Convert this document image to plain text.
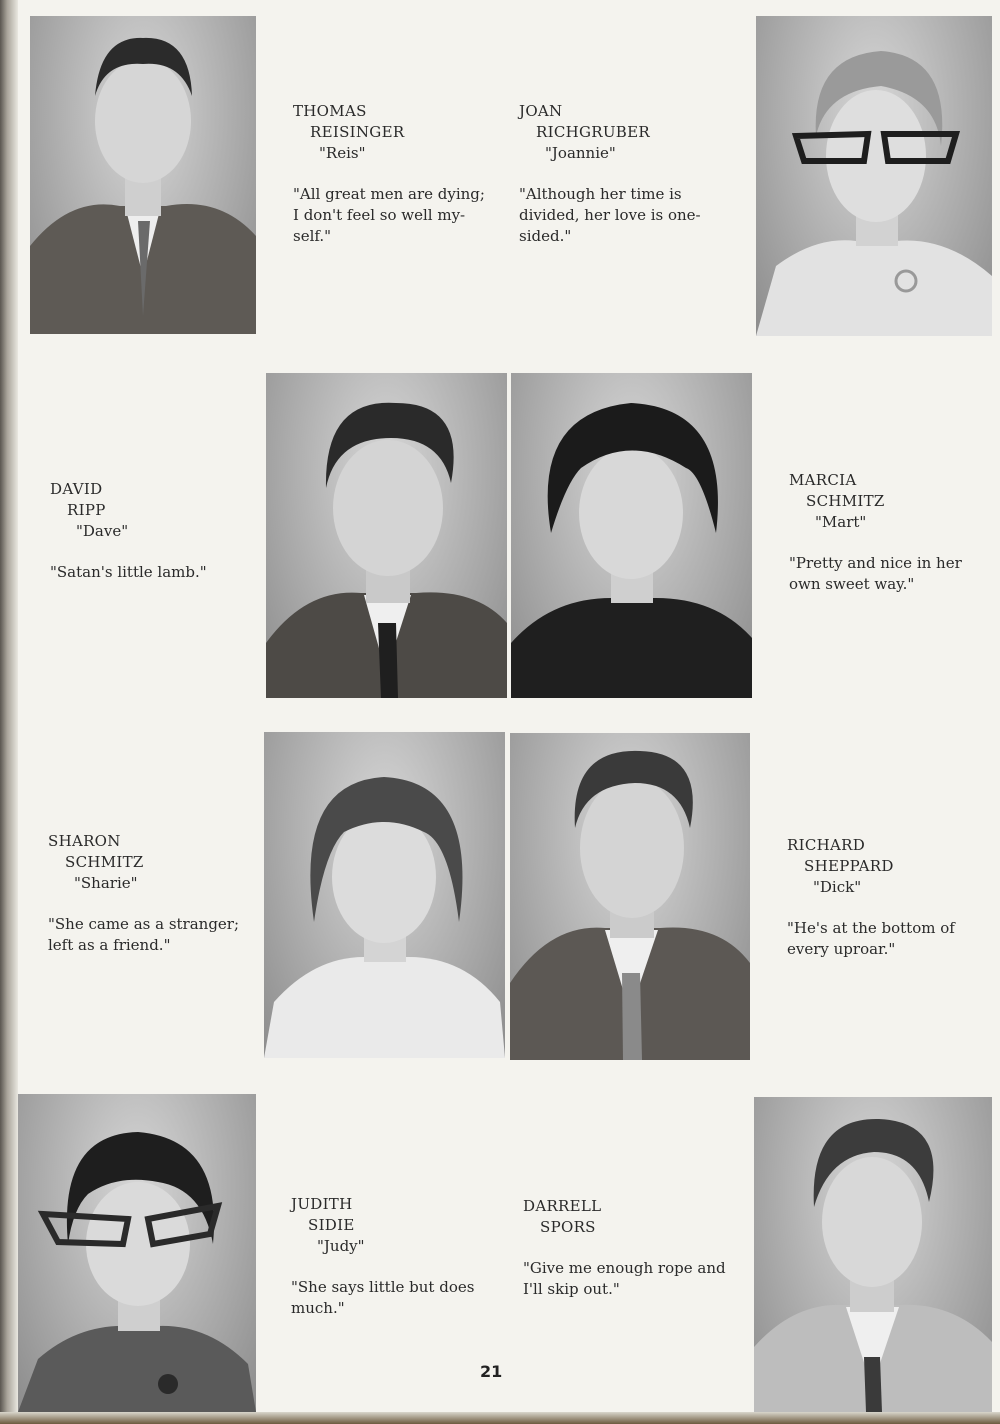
THOMAS
REISINGER
"Reis"
"All great men are dying;
I don't feel so well my-
self."
JOAN
RICHGRUBER
"Joannie"
"Although her time is
divided, her love is one-
sided."
DAVID
RIPP
"Dave"
"Satan's little lamb."
MARCIA
SCHMITZ
"Mart"
"Pretty and nice in her
own sweet way."
SHARON
SCHMITZ
"Sharie"
"She came as a stranger;
left as a friend."
RICHARD
SHEPPARD
"Dick"
"He's at the bottom of
every uproar."
JUDITH
SIDIE
"Judy"
"She says little but does
much."
DARRELL
SPORS
"Give me enough rope and
I'll skip out."
21
